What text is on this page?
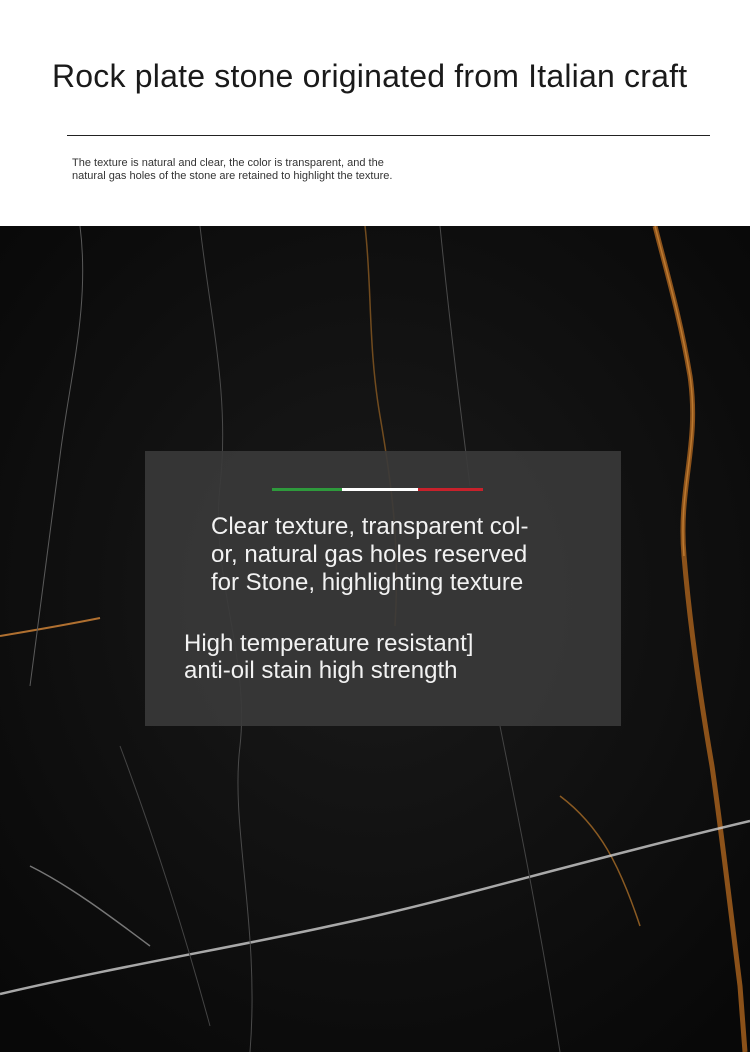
Rock plate stone originated from Italian craft
The texture is natural and clear, the color is transparent, and the
natural gas holes of the stone are retained to highlight the texture.
Clear texture, transparent col-
or, natural gas holes reserved
for Stone, highlighting texture
High temperature resistant]
anti-oil stain high strength
